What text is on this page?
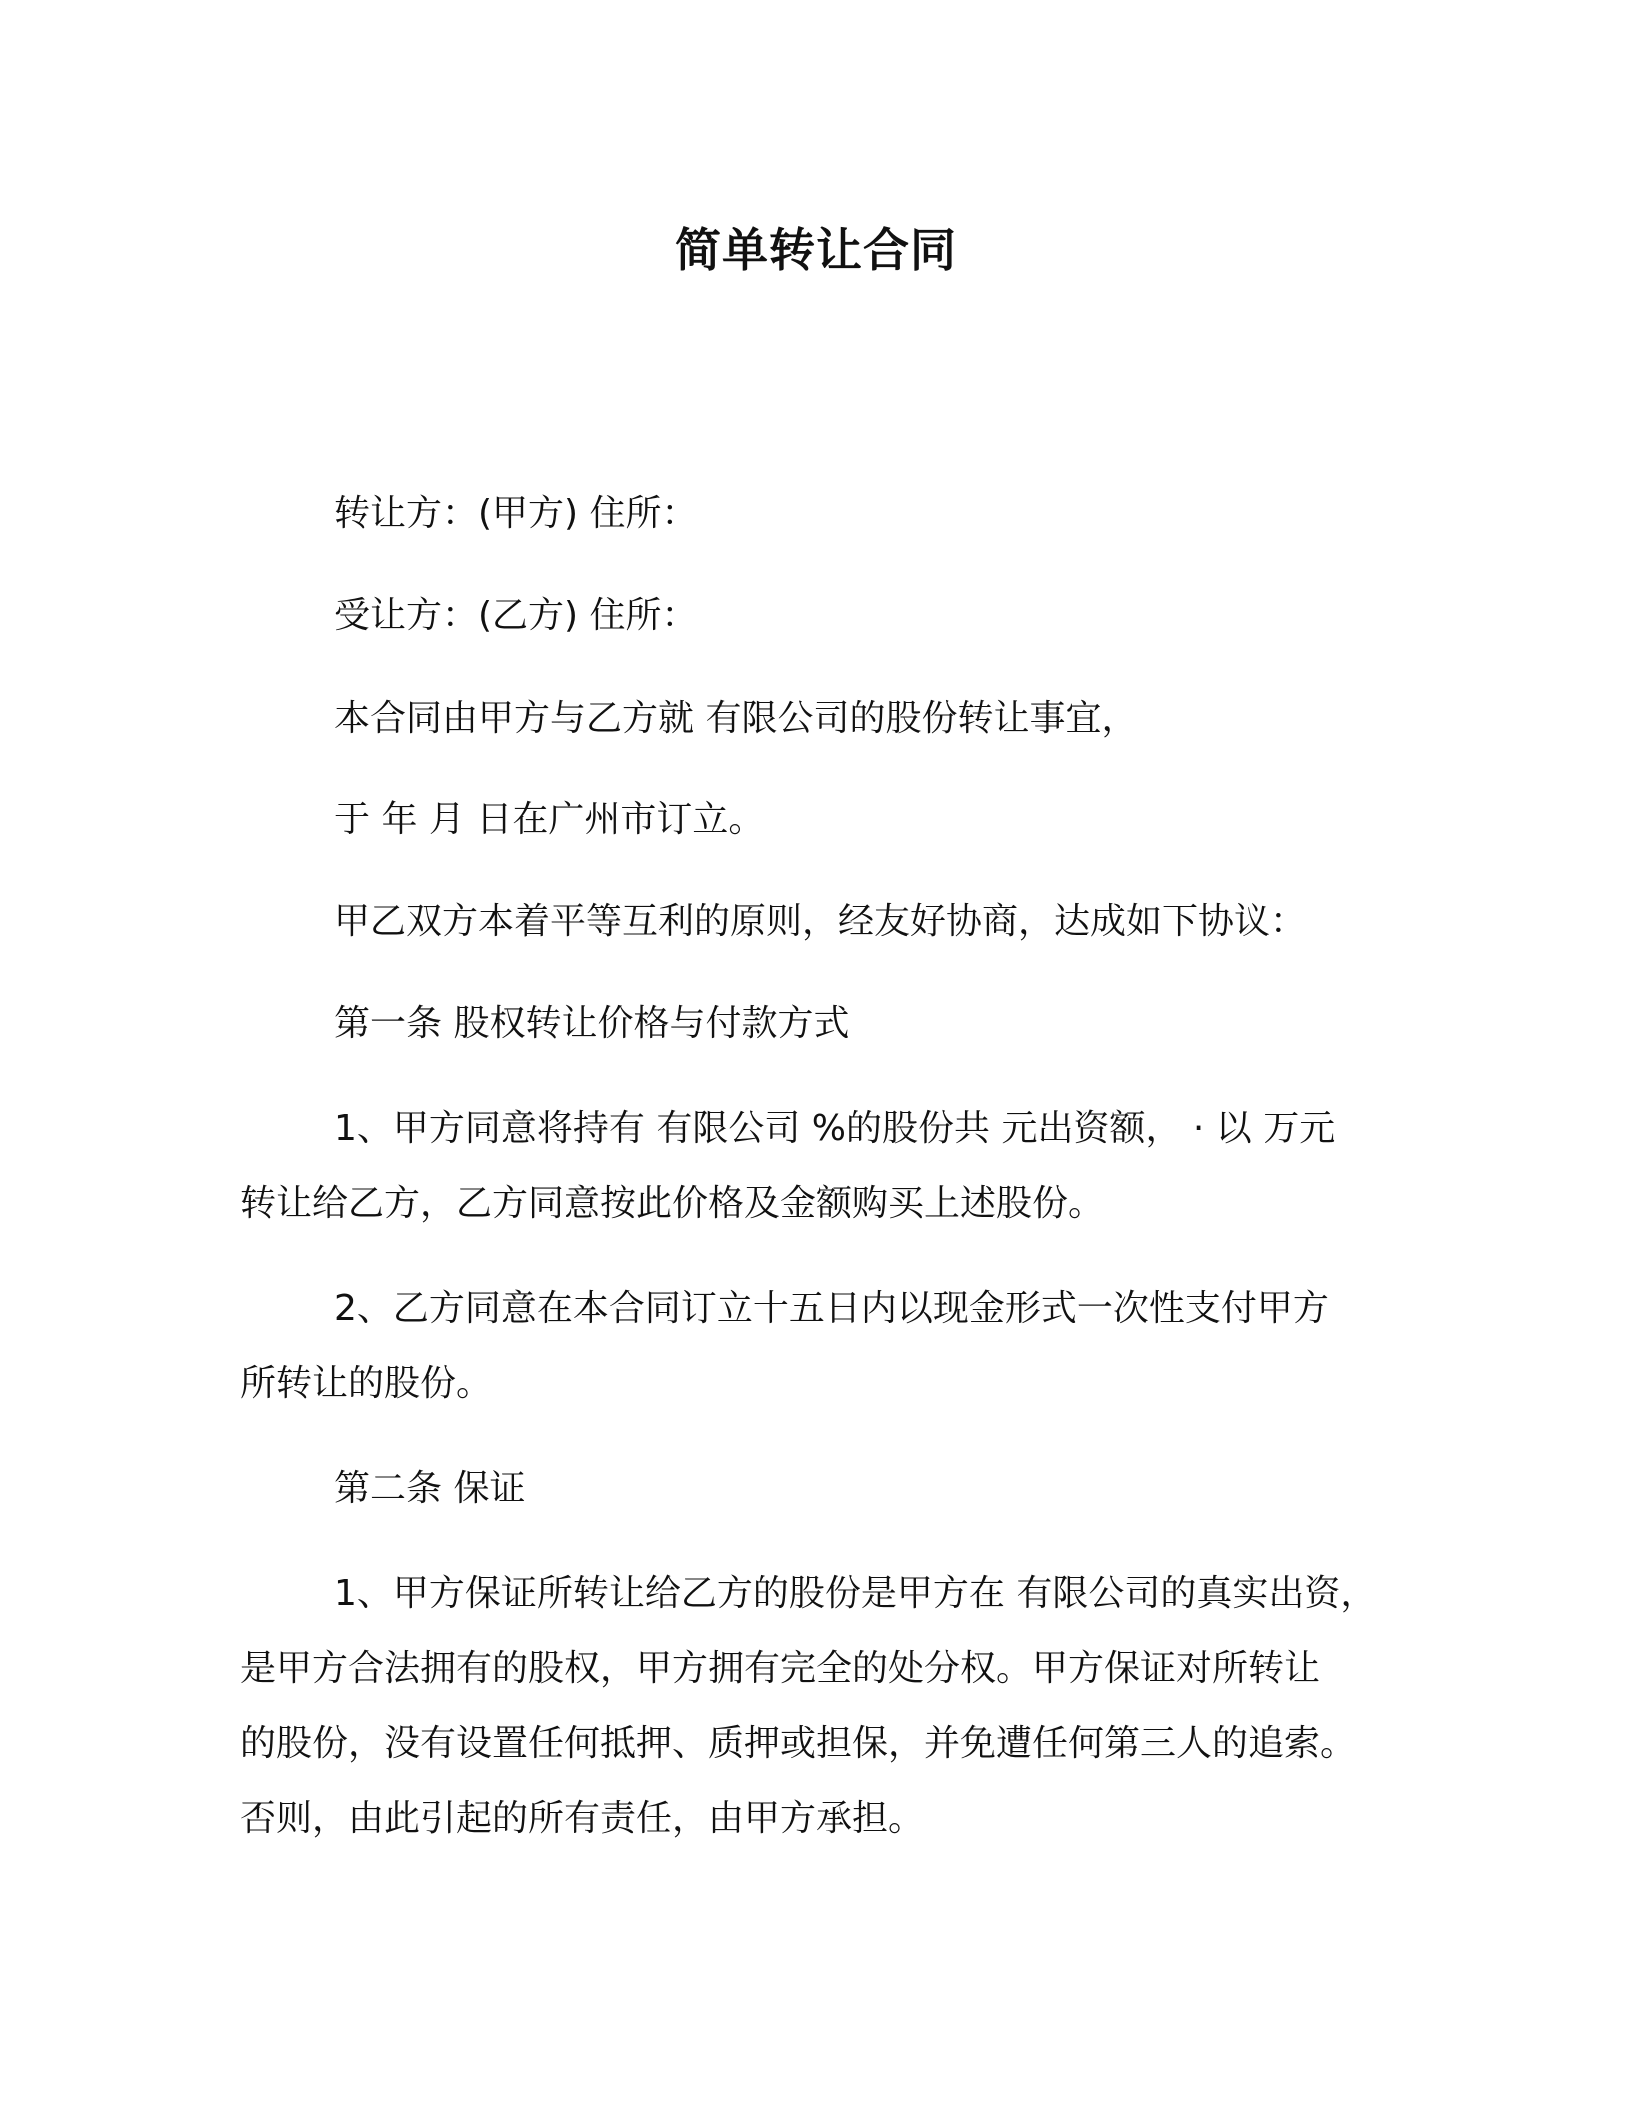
简单转让合同
转让方：(甲方) 住所：
受让方：(乙方) 住所：
本合同由甲方与乙方就 有限公司的股份转让事宜，
于 年 月 日在广州市订立。
甲乙双方本着平等互利的原则，经友好协商，达成如下协议：
第一条 股权转让价格与付款方式
1、甲方同意将持有 有限公司 %的股份共 元出资额， · 以 万元
转让给乙方，乙方同意按此价格及金额购买上述股份。
2、乙方同意在本合同订立十五日内以现金形式一次性支付甲方
所转让的股份。
第二条 保证
1、甲方保证所转让给乙方的股份是甲方在 有限公司的真实出资，
是甲方合法拥有的股权，甲方拥有完全的处分权。甲方保证对所转让
的股份，没有设置任何抵押、质押或担保，并免遭任何第三人的追索。
否则，由此引起的所有责任，由甲方承担。
